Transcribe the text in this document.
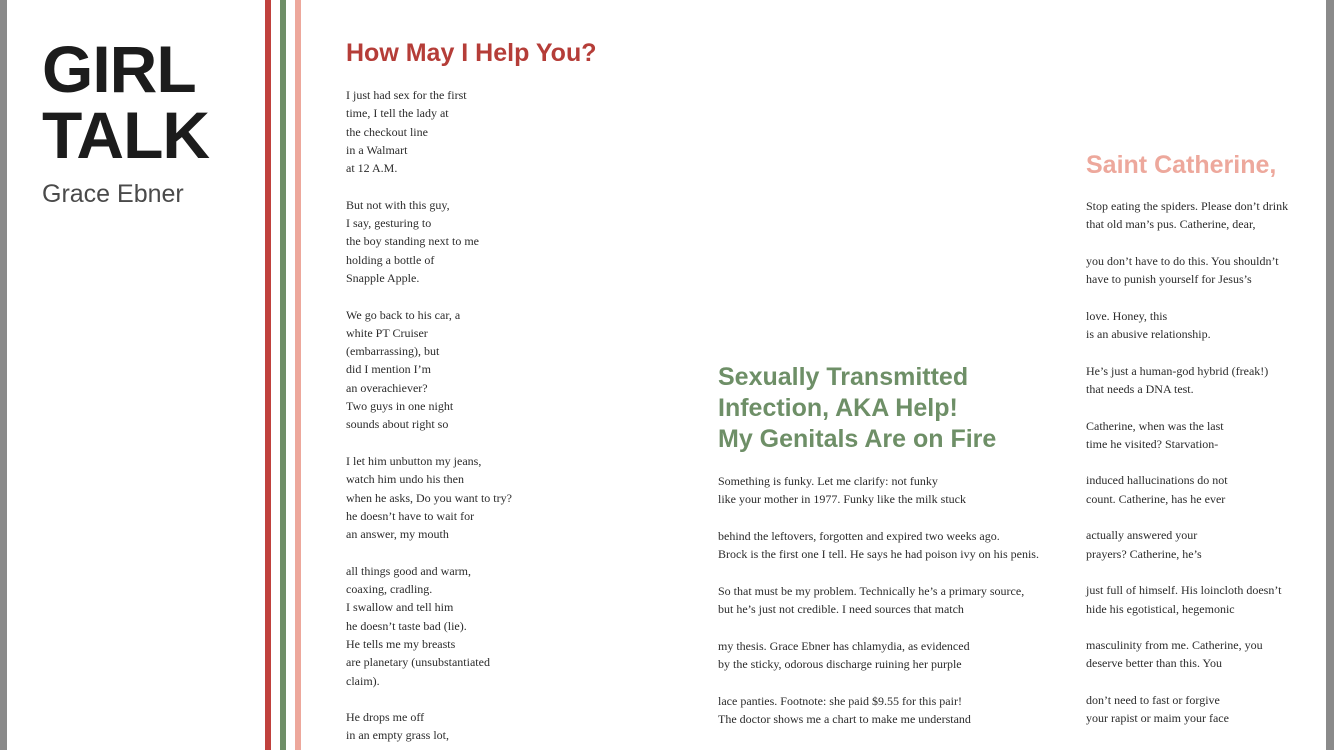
GIRL
TALK
Grace Ebner
How May I Help You?

I just had sex for the first
time, I tell the lady at
the checkout line
in a Walmart
at 12 A.M.

But not with this guy,
I say, gesturing to
the boy standing next to me
holding a bottle of
Snapple Apple.

We go back to his car, a
white PT Cruiser
(embarrassing), but
did I mention I’m
an overachiever?
Two guys in one night
sounds about right so

I let him unbutton my jeans,
watch him undo his then
when he asks, Do you want to try?
he doesn’t have to wait for
an answer, my mouth

all things good and warm,
coaxing, cradling.
I swallow and tell him
he doesn’t taste bad (lie).
He tells me my breasts
are planetary (unsubstantiated
claim).

He drops me off
in an empty grass lot,

Sexually Transmitted
Infection, AKA Help!
My Genitals Are on Fire

Something is funky. Let me clarify: not funky
like your mother in 1977. Funky like the milk stuck

behind the leftovers, forgotten and expired two weeks ago.
Brock is the first one I tell. He says he had poison ivy on his penis.

So that must be my problem. Technically he’s a primary source,
but he’s just not credible. I need sources that match

my thesis. Grace Ebner has chlamydia, as evidenced
by the sticky, odorous discharge ruining her purple

lace panties. Footnote: she paid $9.55 for this pair!
The doctor shows me a chart to make me understand

Saint Catherine,

Stop eating the spiders. Please don’t drink
that old man’s pus. Catherine, dear,

you don’t have to do this. You shouldn’t
have to punish yourself for Jesus’s

love. Honey, this
is an abusive relationship.

He’s just a human-god hybrid (freak!)
that needs a DNA test.

Catherine, when was the last
time he visited? Starvation-

induced hallucinations do not
count. Catherine, has he ever

actually answered your
prayers? Catherine, he’s

just full of himself. His loincloth doesn’t
hide his egotistical, hegemonic

masculinity from me. Catherine, you
deserve better than this. You

don’t need to fast or forgive
your rapist or maim your face
